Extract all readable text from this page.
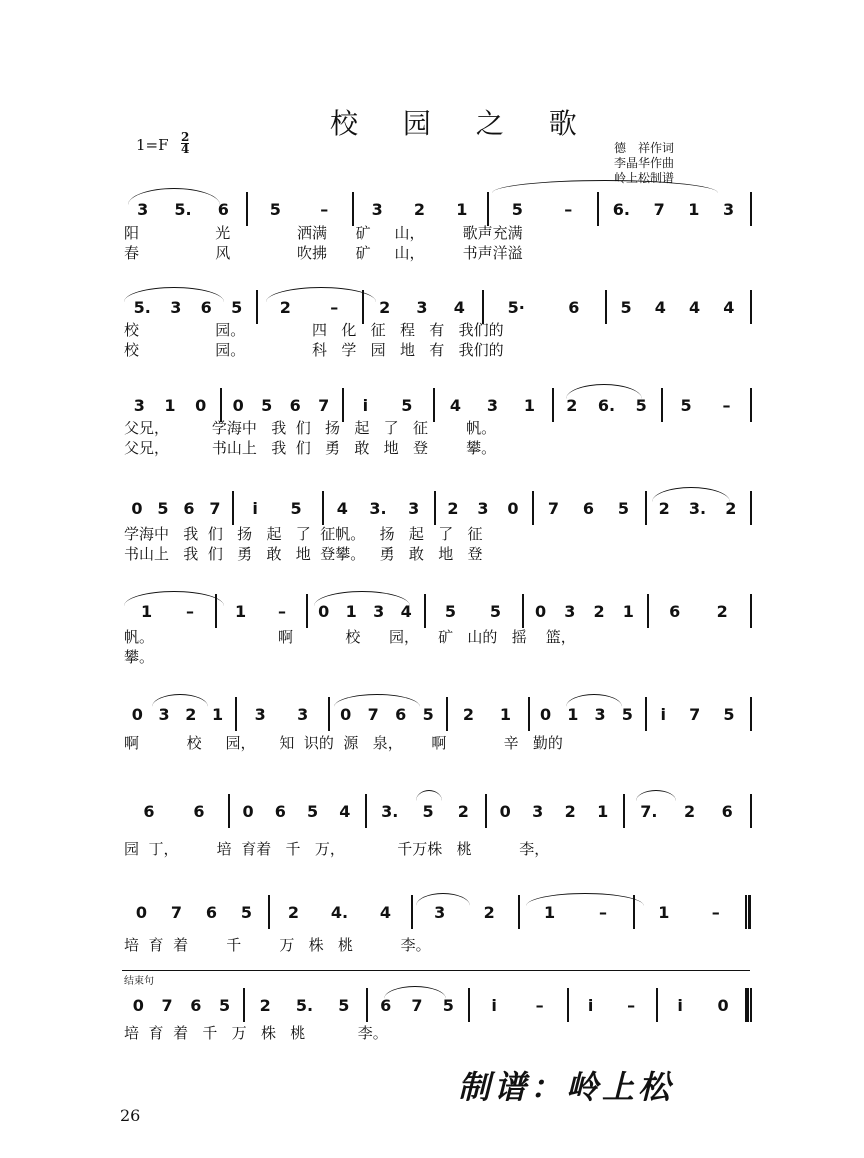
校 园 之 歌
1=F 2
4	德　祥作词
李晶华作曲
岭上松制谱
3 5. 6	5 –	3 2 1	5	–	6. 7 1 3
阳                光              洒满      矿     山，        歌声充满
春                风              吹拂      矿     山，        书声洋溢
5. 3 6 5 2 –	2 3 4	5·	6	5 4 4 4
校                园。              四   化   征   程   有   我们的
校                园。              科   学   园   地   有   我们的
3 1 0 0 5 6 7 i 5 4 3 1 2 6. 5 5 –
父兄，         学海中   我  们   扬   起   了   征        帆。
父兄，         书山上   我  们   勇   敢   地   登        攀。
0 5 6 7 i 5 4 3. 3 2 3 0 7 6 5 2 3. 2
学海中   我  们   扬   起   了  征帆。   扬   起   了   征
书山上   我  们   勇   敢   地  登攀。   勇   敢   地   登
1 –	1 – 0 1 3 4 5 5 0 3 2 1 6 2
帆。                          啊           校      园，    矿   山的   摇    篮，
攀。
0 3 2 1 3 3 0 7 6 5 2 1 0 1 3 5 i 7 5
啊          校     园，     知  识的  源   泉，      啊            辛   勤的
6 6 0 6 5 4 3. 5 2 0 3 2 1 7. 2 6
园  丁，        培  育着   千   万，           千万株   桃          李，
0 7 6 5 2 4. 4	3 2	1	–	1	–
培  育  着        千        万   株   桃          李。
0 7 6 5 2 5. 5 6 7 5 i –	i –	i 0
培  育  着   千   万   株   桃           李。
结束句
制谱：岭上松
26
